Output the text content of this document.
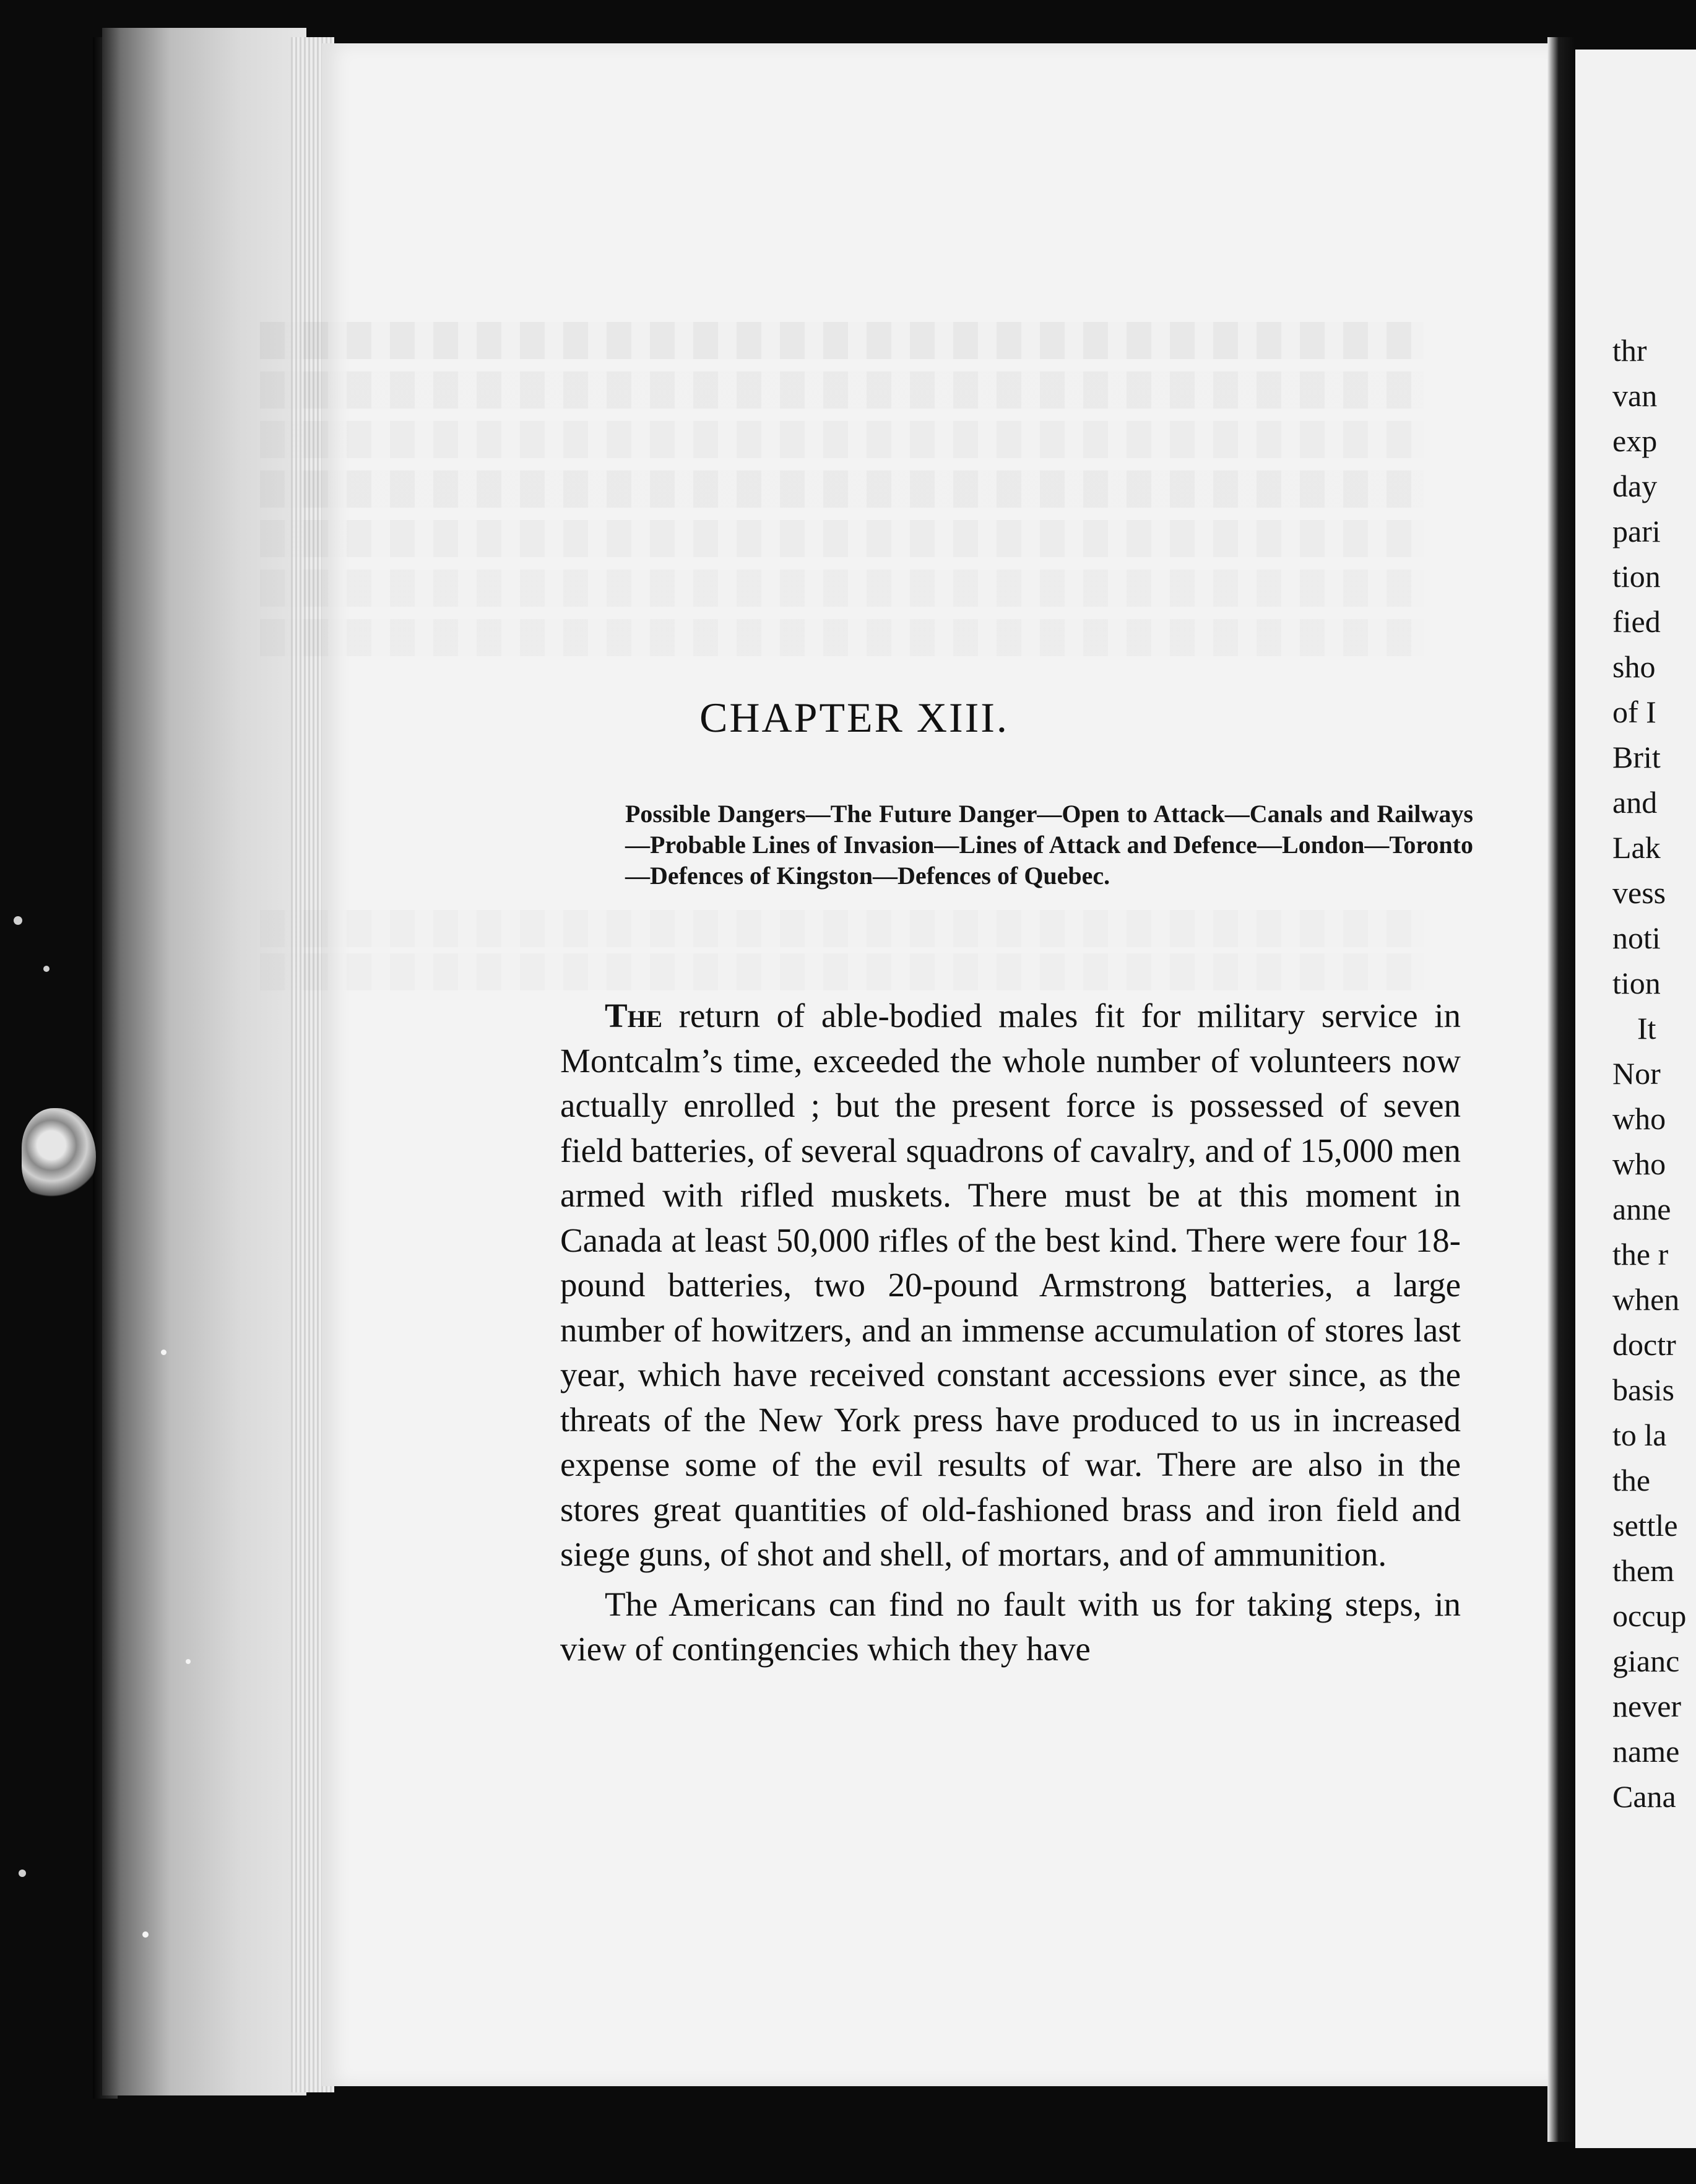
CHAPTER XIII.
Possible Dangers—The Future Danger—Open to Attack—Canals and Railways—Probable Lines of Invasion—Lines of Attack and Defence—London—Toronto—Defences of Kingston—Defences of Quebec.

The return of able-bodied males fit for military service in Montcalm’s time, exceeded the whole number of volunteers now actually enrolled ; but the present force is possessed of seven field batteries, of several squadrons of cavalry, and of 15,000 men armed with rifled muskets. There must be at this moment in Canada at least 50,000 rifles of the best kind. There were four 18-pound batteries, two 20-pound Armstrong batteries, a large number of howitzers, and an immense accumulation of stores last year, which have received constant accessions ever since, as the threats of the New York press have produced to us in increased expense some of the evil results of war. There are also in the stores great quantities of old-fashioned brass and iron field and siege guns, of shot and shell, of mortars, and of ammunition.

The Americans can find no fault with us for taking steps, in view of contingencies which they have

thr
van
exp
day
pari
tion
fied
sho
of I
Brit
and
Lak
vess
noti
tion
It
Nor
who
who
anne
the r
when
doctr
basis
to la
the
settle
them
occup
gianc
never
name
Cana
